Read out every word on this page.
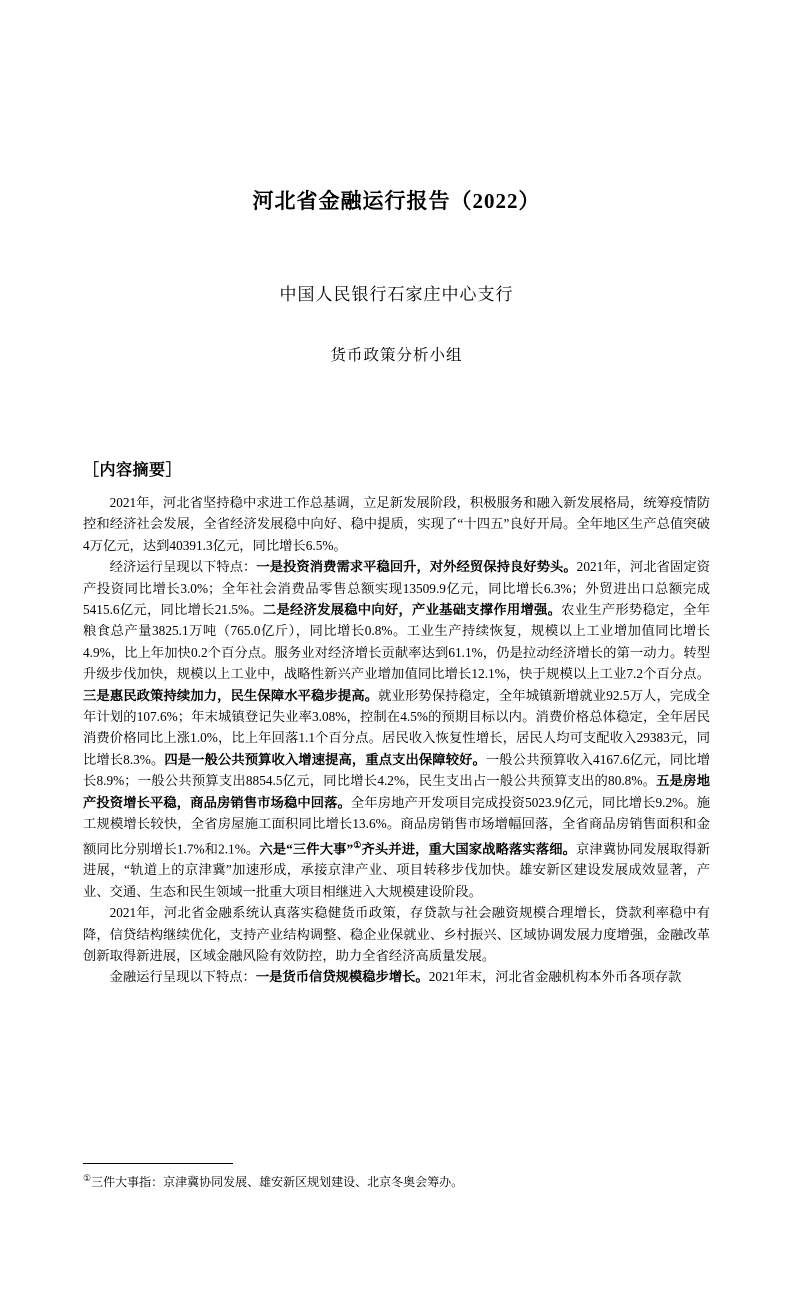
河北省金融运行报告（2022）
中国人民银行石家庄中心支行
货币政策分析小组
［内容摘要］

2021年，河北省坚持稳中求进工作总基调，立足新发展阶段，积极服务和融入新发展格局，统筹疫情防控和经济社会发展，全省经济发展稳中向好、稳中提质，实现了“十四五”良好开局。全年地区生产总值突破4万亿元，达到40391.3亿元，同比增长6.5%。

经济运行呈现以下特点：一是投资消费需求平稳回升，对外经贸保持良好势头。2021年，河北省固定资产投资同比增长3.0%；全年社会消费品零售总额实现13509.9亿元，同比增长6.3%；外贸进出口总额完成5415.6亿元，同比增长21.5%。二是经济发展稳中向好，产业基础支撑作用增强。农业生产形势稳定，全年粮食总产量3825.1万吨（765.0亿斤），同比增长0.8%。工业生产持续恢复，规模以上工业增加值同比增长4.9%，比上年加快0.2个百分点。服务业对经济增长贡献率达到61.1%，仍是拉动经济增长的第一动力。转型升级步伐加快，规模以上工业中，战略性新兴产业增加值同比增长12.1%，快于规模以上工业7.2个百分点。三是惠民政策持续加力，民生保障水平稳步提高。就业形势保持稳定，全年城镇新增就业92.5万人，完成全年计划的107.6%；年末城镇登记失业率3.08%，控制在4.5%的预期目标以内。消费价格总体稳定，全年居民消费价格同比上涨1.0%，比上年回落1.1个百分点。居民收入恢复性增长，居民人均可支配收入29383元，同比增长8.3%。四是一般公共预算收入增速提高，重点支出保障较好。一般公共预算收入4167.6亿元，同比增长8.9%；一般公共预算支出8854.5亿元，同比增长4.2%，民生支出占一般公共预算支出的80.8%。五是房地产投资增长平稳，商品房销售市场稳中回落。全年房地产开发项目完成投资5023.9亿元，同比增长9.2%。施工规模增长较快，全省房屋施工面积同比增长13.6%。商品房销售市场增幅回落，全省商品房销售面积和金额同比分别增长1.7%和2.1%。六是“三件大事”①齐头并进，重大国家战略落实落细。京津冀协同发展取得新进展，“轨道上的京津冀”加速形成，承接京津产业、项目转移步伐加快。雄安新区建设发展成效显著，产业、交通、生态和民生领域一批重大项目相继进入大规模建设阶段。

2021年，河北省金融系统认真落实稳健货币政策，存贷款与社会融资规模合理增长，贷款利率稳中有降，信贷结构继续优化，支持产业结构调整、稳企业保就业、乡村振兴、区域协调发展力度增强，金融改革创新取得新进展，区域金融风险有效防控，助力全省经济高质量发展。

金融运行呈现以下特点：一是货币信贷规模稳步增长。2021年末，河北省金融机构本外币各项存款

①三件大事指：京津冀协同发展、雄安新区规划建设、北京冬奥会筹办。
